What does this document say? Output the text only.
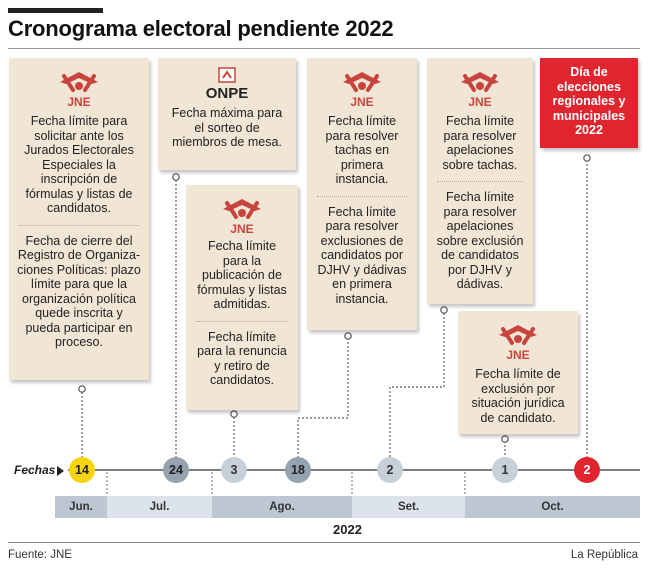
Cronograma electoral pendiente 2022
JNE
Fecha límite para solicitar ante los Jurados Electorales Especiales la inscripción de fórmulas y listas de candidatos.
Fecha de cierre del Registro de Organiza-ciones Políticas: plazo límite para que la organización política quede inscrita y pueda participar en proceso.
ONPE
Fecha máxima para el sorteo de miembros de mesa.
JNE
Fecha límite para la publicación de fórmulas y listas admitidas.
Fecha límite para la renuncia y retiro de candidatos.
JNE
Fecha límite para resolver tachas en primera instancia.
Fecha límite para resolver exclusiones de candidatos por DJHV y dádivas en primera instancia.
JNE
Fecha límite para resolver apelaciones sobre tachas.
Fecha límite para resolver apelaciones sobre exclusión de candidatos por DJHV y dádivas.
JNE
Fecha límite de exclusión por situación jurídica de candidato.
Día de elecciones regionales y municipales 2022
Fechas	14	24	3	18	2	1	2
Jun.	Jul.	Ago.	Set.	Oct.
2022
Fuente: JNE	La República
